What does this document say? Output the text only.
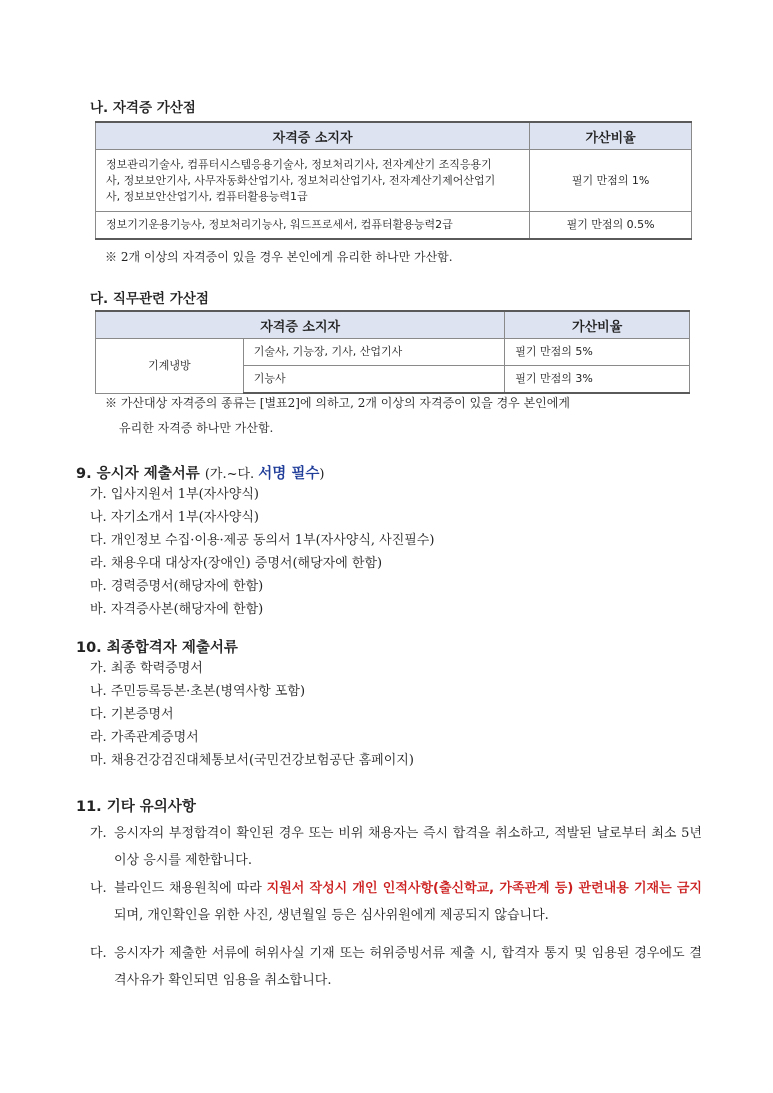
나. 자격증 가산점
자격증 소지자	가산비율
정보관리기술사, 컴퓨터시스템응용기술사, 정보처리기사, 전자계산기 조직응용기사, 정보보안기사, 사무자동화산업기사, 정보처리산업기사, 전자계산기제어산업기사, 정보보안산업기사, 컴퓨터활용능력1급	필기 만점의 1%
정보기기운용기능사, 정보처리기능사, 워드프로세서, 컴퓨터활용능력2급	필기 만점의 0.5%
※ 2개 이상의 자격증이 있을 경우 본인에게 유리한 하나만 가산함.
다. 직무관련 가산점
자격증 소지자		가산비율
기계냉방	기술사, 기능장, 기사, 산업기사	필기 만점의 5%
	기능사	필기 만점의 3%
※ 가산대상 자격증의 종류는 [별표2]에 의하고, 2개 이상의 자격증이 있을 경우 본인에게
유리한 자격증 하나만 가산함.
9. 응시자 제출서류 (가.~다. 서명 필수)
가. 입사지원서 1부(자사양식)
나. 자기소개서 1부(자사양식)
다. 개인정보 수집·이용·제공 동의서 1부(자사양식, 사진필수)
라. 채용우대 대상자(장애인) 증명서(해당자에 한함)
마. 경력증명서(해당자에 한함)
바. 자격증사본(해당자에 한함)
10. 최종합격자 제출서류
가. 최종 학력증명서
나. 주민등록등본·초본(병역사항 포함)
다. 기본증명서
라. 가족관계증명서
마. 채용건강검진대체통보서(국민건강보험공단 홈페이지)
11. 기타 유의사항
가. 응시자의 부정합격이 확인된 경우 또는 비위 채용자는 즉시 합격을 취소하고, 적발된 날로부터 최소 5년이상 응시를 제한합니다.
나. 블라인드 채용원칙에 따라 지원서 작성시 개인 인적사항(출신학교, 가족관계 등) 관련내용 기재는 금지되며, 개인확인을 위한 사진, 생년월일 등은 심사위원에게 제공되지 않습니다.
다. 응시자가 제출한 서류에 허위사실 기재 또는 허위증빙서류 제출 시, 합격자 통지 및 임용된 경우에도 결격사유가 확인되면 임용을 취소합니다.
